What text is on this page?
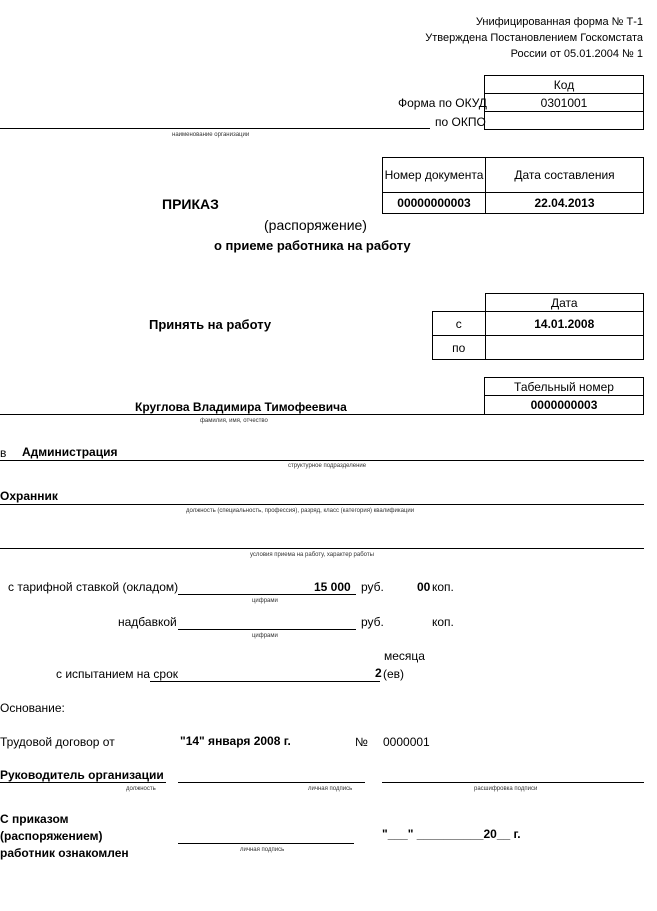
Унифицированная форма № Т-1
Утверждена Постановлением Госкомстата
России от 05.01.2004 № 1
Код
0301001

Форма по ОКУД
по ОКПО
наименование организации
Номер документа	Дата составления
00000000003	22.04.2013
ПРИКАЗ
(распоряжение)
о приеме работника на работу
Принять на работу
	Дата
с	14.01.2008
по	
Табельный номер
0000000003
Круглова Владимира Тимофеевича
фамилия, имя, отчество
в Администрация
структурное подразделение
Охранник
должность (специальность, профессия), разряд, класс (категория) квалификации
условия приема на работу, характер работы
с тарифной ставкой (окладом)	15 000 руб.	00 коп.
цифрами
надбавкой	руб.	коп.
цифрами
месяца
с испытанием на срок	2 (ев)
Основание:
Трудовой договор от	"14" января 2008 г.	№ 0000001
Руководитель организации
должность	личная подпись	расшифровка подписи
С приказом
(распоряжением)
работник ознакомлен	личная подпись
"___" __________20__ г.
